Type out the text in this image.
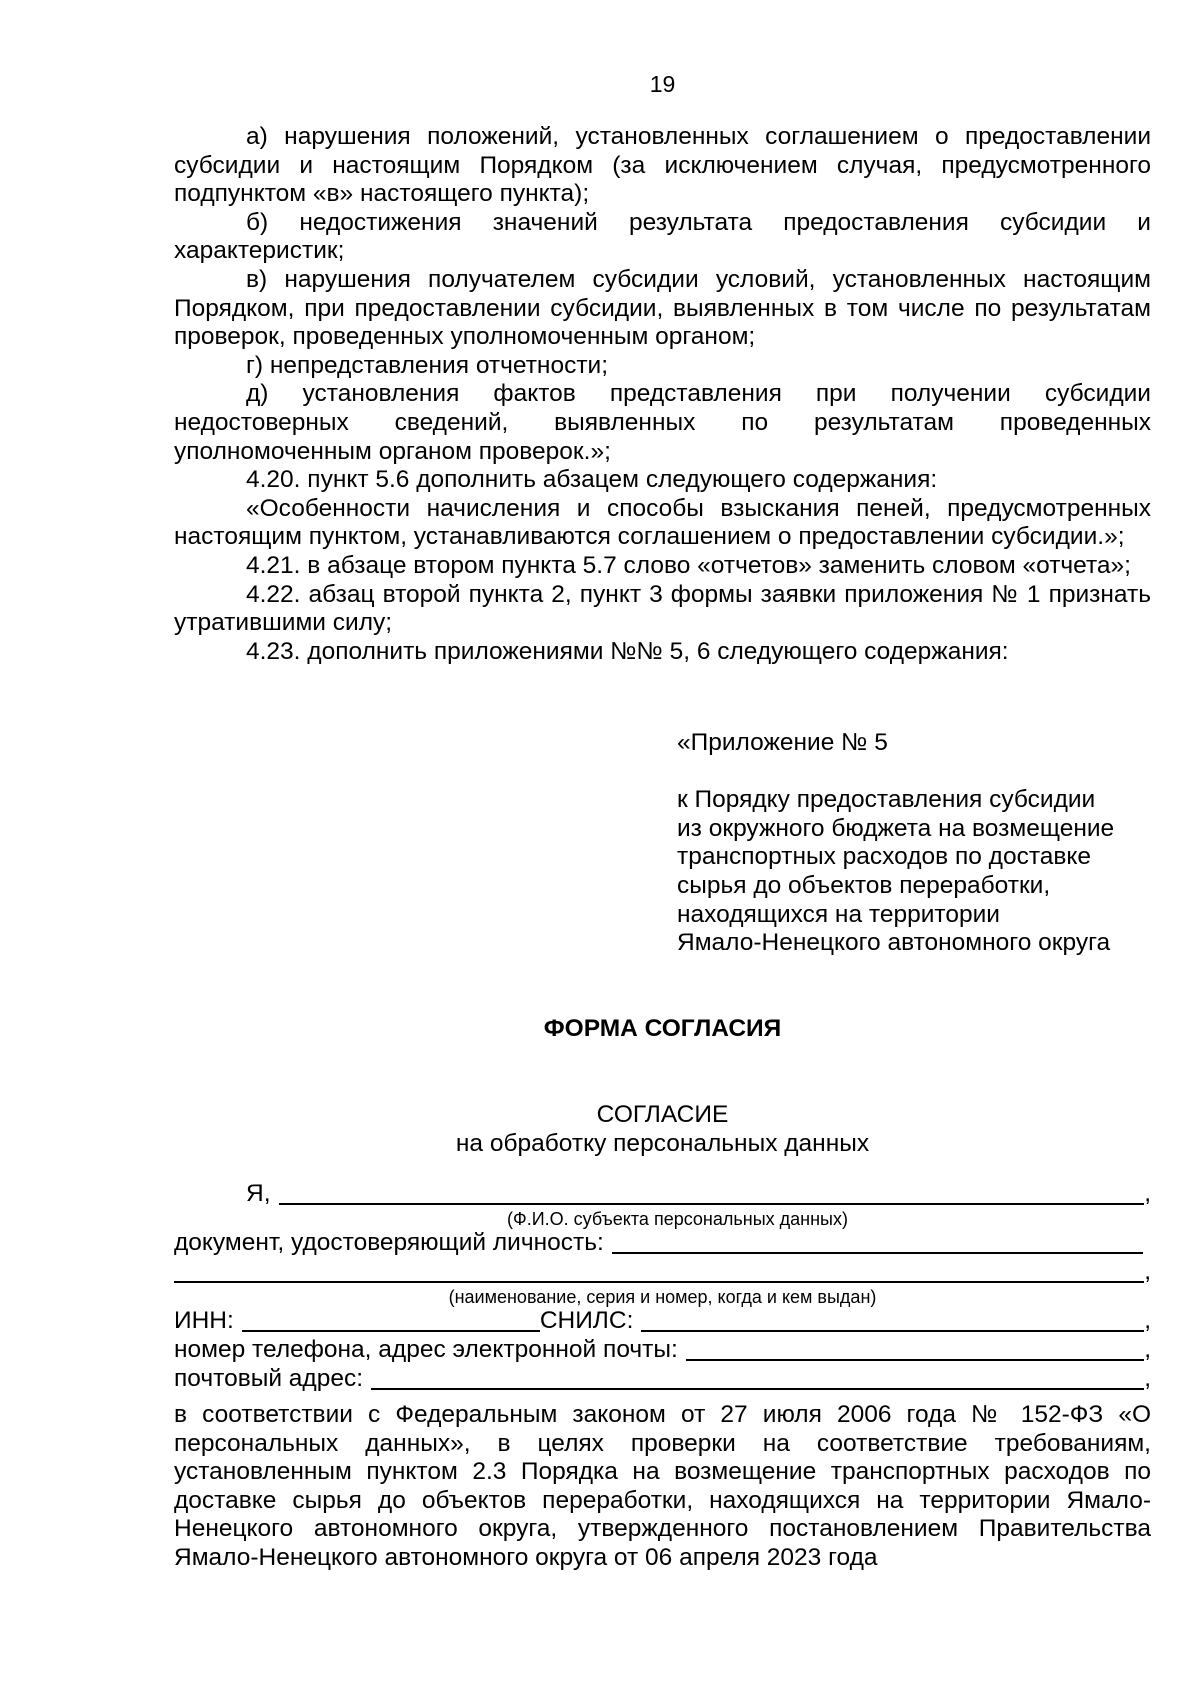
19

а) нарушения положений, установленных соглашением о предоставлении субсидии и настоящим Порядком (за исключением случая, предусмотренного подпунктом «в» настоящего пункта);

б) недостижения значений результата предоставления субсидии и характеристик;

в) нарушения получателем субсидии условий, установленных настоящим Порядком, при предоставлении субсидии, выявленных в том числе по результатам проверок, проведенных уполномоченным органом;

г) непредставления отчетности;

д) установления фактов представления при получении субсидии недостоверных сведений, выявленных по результатам проведенных уполномоченным органом проверок.»;

4.20. пункт 5.6 дополнить абзацем следующего содержания:

«Особенности начисления и способы взыскания пеней, предусмотренных настоящим пунктом, устанавливаются соглашением о предоставлении субсидии.»;

4.21. в абзаце втором пункта 5.7 слово «отчетов» заменить словом «отчета»;

4.22. абзац второй пункта 2, пункт 3 формы заявки приложения № 1 признать утратившими силу;

4.23. дополнить приложениями №№ 5, 6 следующего содержания:

«Приложение № 5
к Порядку предоставления субсидии
из окружного бюджета на возмещение
транспортных расходов по доставке
сырья до объектов переработки,
находящихся на территории
Ямало-Ненецкого автономного округа
ФОРМА СОГЛАСИЯ
СОГЛАСИЕ
на обработку персональных данных
Я,	,
(Ф.И.О. субъекта персональных данных)
документ, удостоверяющий личность:
,
(наименование, серия и номер, когда и кем выдан)
ИНН:	СНИЛС:	,
номер телефона, адрес электронной почты:	,
почтовый адрес:	,

в соответствии с Федеральным законом от 27 июля 2006 года № 152-ФЗ «О персональных данных», в целях проверки на соответствие требованиям, установленным пунктом 2.3 Порядка на возмещение транспортных расходов по доставке сырья до объектов переработки, находящихся на территории Ямало-Ненецкого автономного округа, утвержденного постановлением Правительства Ямало-Ненецкого автономного округа от 06 апреля 2023 года
